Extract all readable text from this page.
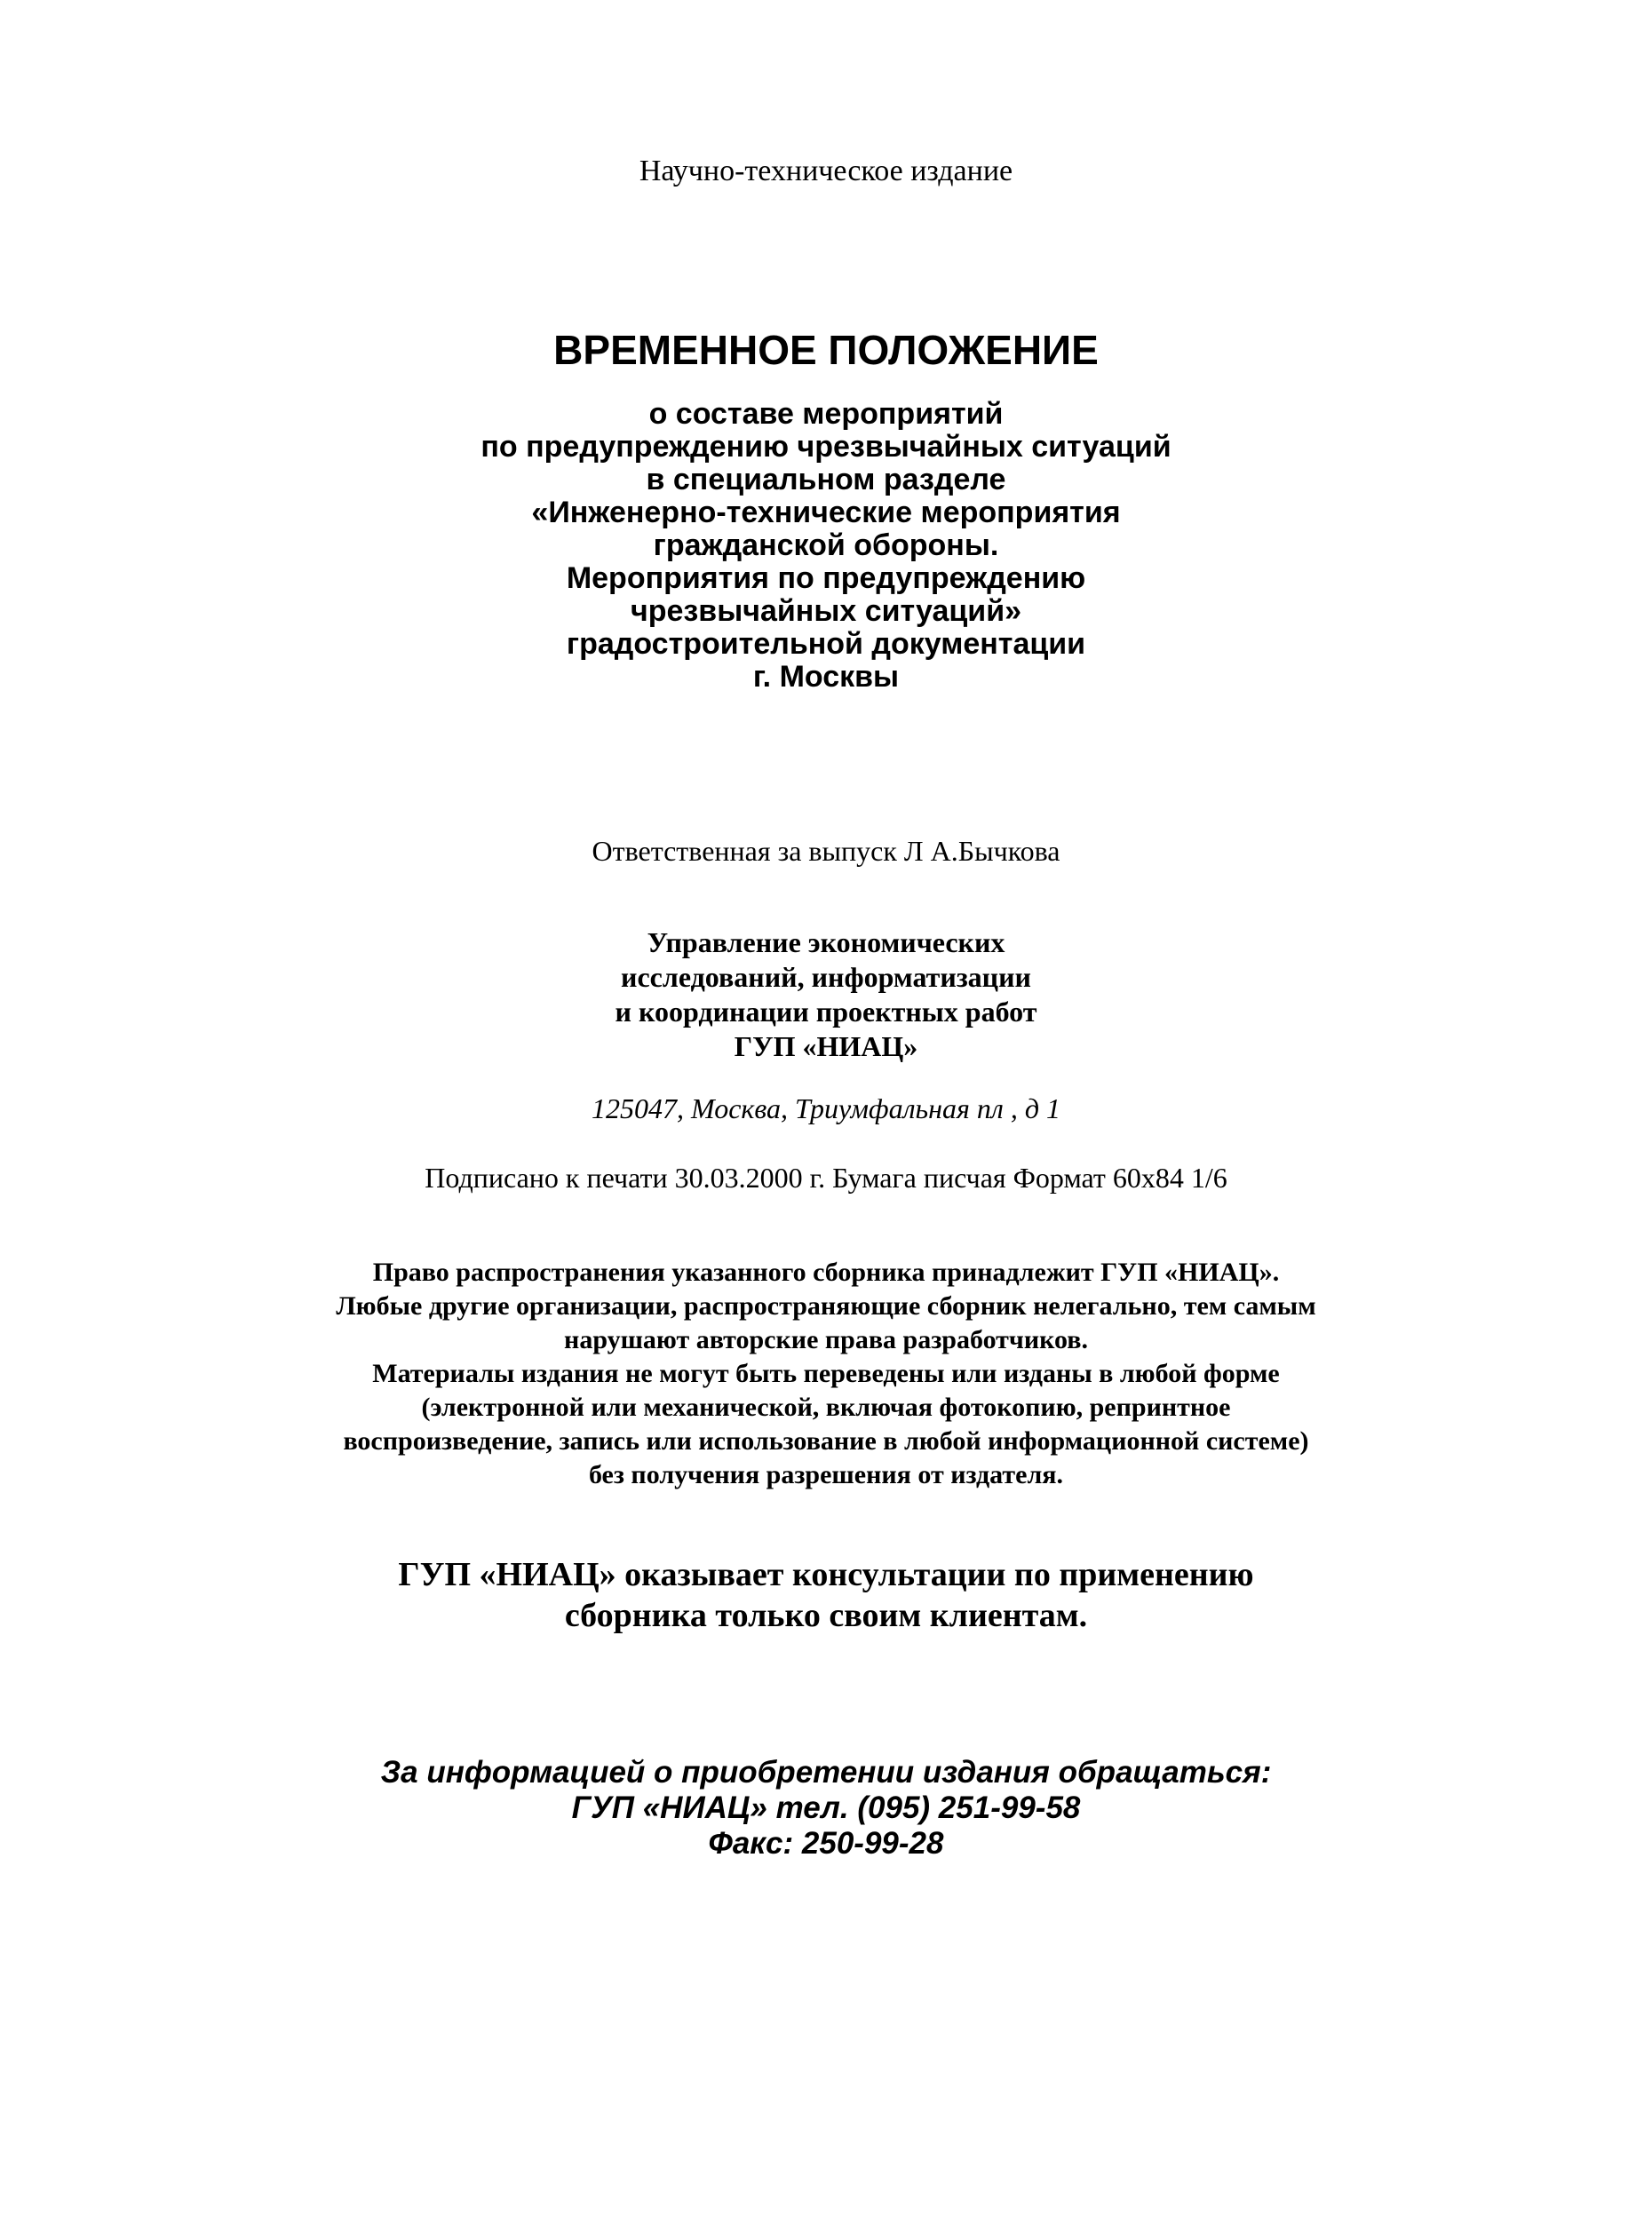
Научно-техническое издание
ВРЕМЕННОЕ ПОЛОЖЕНИЕ
о составе мероприятий
по предупреждению чрезвычайных ситуаций
в специальном разделе
«Инженерно-технические мероприятия
гражданской обороны.
Мероприятия по предупреждению
чрезвычайных ситуаций»
градостроительной документации
г. Москвы
Ответственная за выпуск Л А.Бычкова
Управление экономических
исследований, информатизации
и координации проектных работ
ГУП «НИАЦ»
125047, Москва, Триумфальная пл , д 1
Подписано к печати 30.03.2000 г. Бумага писчая Формат 60x84 1/6
Право распространения указанного сборника принадлежит ГУП «НИАЦ».
Любые другие организации, распространяющие сборник нелегально, тем самым
нарушают авторские права разработчиков.
Материалы издания не могут быть переведены или изданы в любой форме
(электронной или механической, включая фотокопию, репринтное
воспроизведение, запись или использование в любой информационной системе)
без получения разрешения от издателя.
ГУП «НИАЦ» оказывает консультации по применению
сборника только своим клиентам.
За информацией о приобретении издания обращаться:
ГУП «НИАЦ» тел. (095) 251-99-58
Факс: 250-99-28
